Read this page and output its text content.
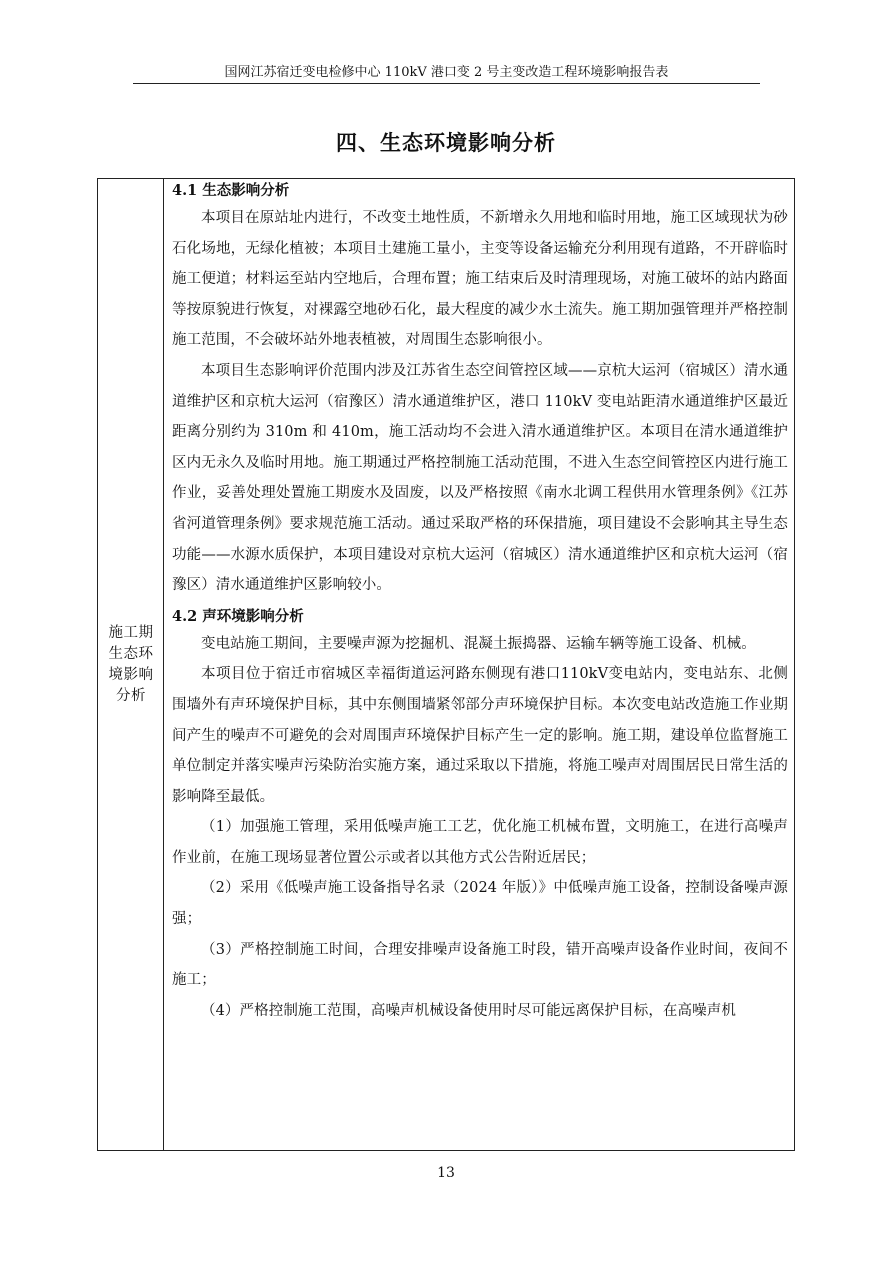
国网江苏宿迁变电检修中心 110kV 港口变 2 号主变改造工程环境影响报告表
四、生态环境影响分析
施工期生态环境影响分析
4.1 生态影响分析

本项目在原站址内进行，不改变土地性质，不新增永久用地和临时用地，施工区域现状为砂石化场地，无绿化植被；本项目土建施工量小，主变等设备运输充分利用现有道路，不开辟临时施工便道；材料运至站内空地后，合理布置；施工结束后及时清理现场，对施工破坏的站内路面等按原貌进行恢复，对裸露空地砂石化，最大程度的减少水土流失。施工期加强管理并严格控制施工范围，不会破坏站外地表植被，对周围生态影响很小。

本项目生态影响评价范围内涉及江苏省生态空间管控区域——京杭大运河（宿城区）清水通道维护区和京杭大运河（宿豫区）清水通道维护区，港口 110kV 变电站距清水通道维护区最近距离分别约为 310m 和 410m，施工活动均不会进入清水通道维护区。本项目在清水通道维护区内无永久及临时用地。施工期通过严格控制施工活动范围，不进入生态空间管控区内进行施工作业，妥善处理处置施工期废水及固废，以及严格按照《南水北调工程供用水管理条例》《江苏省河道管理条例》要求规范施工活动。通过采取严格的环保措施，项目建设不会影响其主导生态功能——水源水质保护，本项目建设对京杭大运河（宿城区）清水通道维护区和京杭大运河（宿豫区）清水通道维护区影响较小。

4.2 声环境影响分析

变电站施工期间，主要噪声源为挖掘机、混凝土振捣器、运输车辆等施工设备、机械。

本项目位于宿迁市宿城区幸福街道运河路东侧现有港口110kV变电站内，变电站东、北侧围墙外有声环境保护目标，其中东侧围墙紧邻部分声环境保护目标。本次变电站改造施工作业期间产生的噪声不可避免的会对周围声环境保护目标产生一定的影响。施工期，建设单位监督施工单位制定并落实噪声污染防治实施方案，通过采取以下措施，将施工噪声对周围居民日常生活的影响降至最低。

（1）加强施工管理，采用低噪声施工工艺，优化施工机械布置，文明施工，在进行高噪声作业前，在施工现场显著位置公示或者以其他方式公告附近居民；

（2）采用《低噪声施工设备指导名录（2024 年版）》中低噪声施工设备，控制设备噪声源强；

（3）严格控制施工时间，合理安排噪声设备施工时段，错开高噪声设备作业时间，夜间不施工；

（4）严格控制施工范围，高噪声机械设备使用时尽可能远离保护目标，在高噪声机

13
